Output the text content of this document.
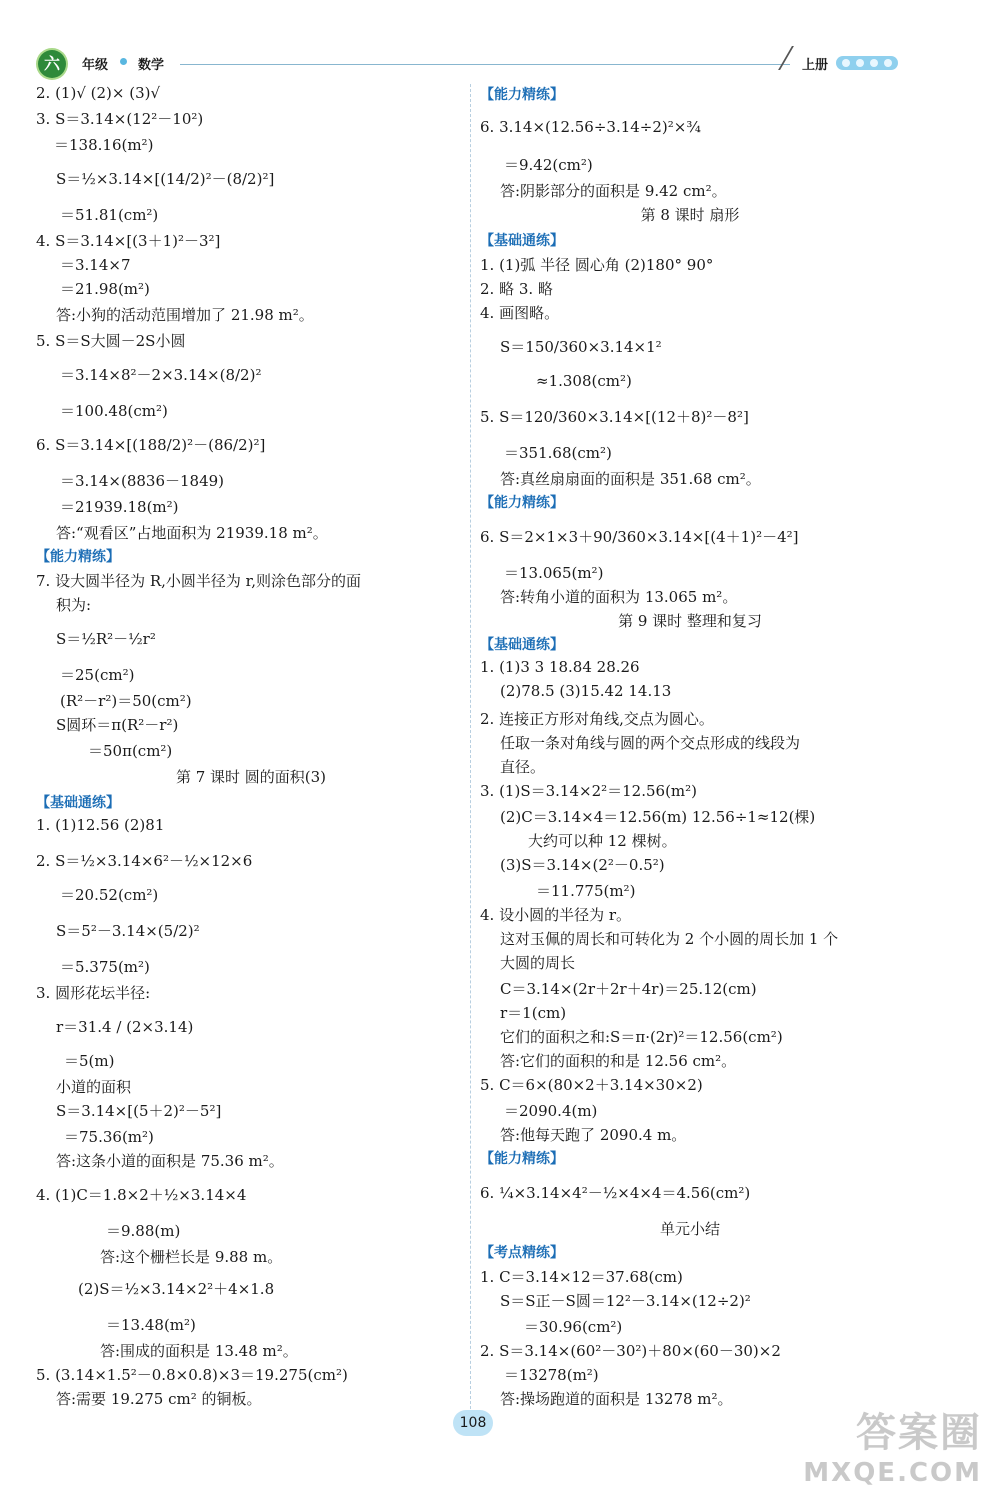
六	年级 数学	上册
2. (1)√ (2)× (3)√
3. S＝3.14×(12²－10²)
＝138.16(m²)
S＝½×3.14×[(14/2)²－(8/2)²]
＝51.81(cm²)
4. S＝3.14×[(3＋1)²－3²]
＝3.14×7
＝21.98(m²)
答:小狗的活动范围增加了 21.98 m²。
5. S＝S大圆－2S小圆
＝3.14×8²－2×3.14×(8/2)²
＝100.48(cm²)
6. S＝3.14×[(188/2)²－(86/2)²]
＝3.14×(8836－1849)
＝21939.18(m²)
答:“观看区”占地面积为 21939.18 m²。
【能力精练】
7. 设大圆半径为 R,小圆半径为 r,则涂色部分的面
积为:
S＝½R²－½r²
＝25(cm²)
(R²－r²)＝50(cm²)
S圆环＝π(R²－r²)
＝50π(cm²)
第 7 课时 圆的面积(3)
【基础通练】
1. (1)12.56 (2)81
2. S＝½×3.14×6²－½×12×6
＝20.52(cm²)
S＝5²－3.14×(5/2)²
＝5.375(m²)
3. 圆形花坛半径:
r＝31.4 / (2×3.14)
＝5(m)
小道的面积
S＝3.14×[(5＋2)²－5²]
＝75.36(m²)
答:这条小道的面积是 75.36 m²。
4. (1)C＝1.8×2＋½×3.14×4
＝9.88(m)
答:这个栅栏长是 9.88 m。
(2)S＝½×3.14×2²＋4×1.8
＝13.48(m²)
答:围成的面积是 13.48 m²。
5. (3.14×1.5²－0.8×0.8)×3＝19.275(cm²)
答:需要 19.275 cm² 的铜板。
【能力精练】
6. 3.14×(12.56÷3.14÷2)²×¾
＝9.42(cm²)
答:阴影部分的面积是 9.42 cm²。
第 8 课时 扇形
【基础通练】
1. (1)弧 半径 圆心角 (2)180° 90°
2. 略 3. 略
4. 画图略。
S＝150/360×3.14×1²
≈1.308(cm²)
5. S＝120/360×3.14×[(12＋8)²－8²]
＝351.68(cm²)
答:真丝扇扇面的面积是 351.68 cm²。
【能力精练】
6. S＝2×1×3＋90/360×3.14×[(4＋1)²－4²]
＝13.065(m²)
答:转角小道的面积为 13.065 m²。
第 9 课时 整理和复习
【基础通练】
1. (1)3 3 18.84 28.26
(2)78.5 (3)15.42 14.13
2. 连接正方形对角线,交点为圆心。
任取一条对角线与圆的两个交点形成的线段为
直径。
3. (1)S＝3.14×2²＝12.56(m²)
(2)C＝3.14×4＝12.56(m) 12.56÷1≈12(棵)
大约可以种 12 棵树。
(3)S＝3.14×(2²－0.5²)
＝11.775(m²)
4. 设小圆的半径为 r。
这对玉佩的周长和可转化为 2 个小圆的周长加 1 个
大圆的周长
C＝3.14×(2r＋2r＋4r)＝25.12(cm)
r＝1(cm)
它们的面积之和:S＝π·(2r)²＝12.56(cm²)
答:它们的面积的和是 12.56 cm²。
5. C＝6×(80×2＋3.14×30×2)
＝2090.4(m)
答:他每天跑了 2090.4 m。
【能力精练】
6. ¼×3.14×4²－½×4×4＝4.56(cm²)
单元小结
【考点精练】
1. C＝3.14×12＝37.68(cm)
S＝S正－S圆＝12²－3.14×(12÷2)²
＝30.96(cm²)
2. S＝3.14×(60²－30²)＋80×(60－30)×2
＝13278(m²)
答:操场跑道的面积是 13278 m²。
108	答案圈
MXQE.COM
